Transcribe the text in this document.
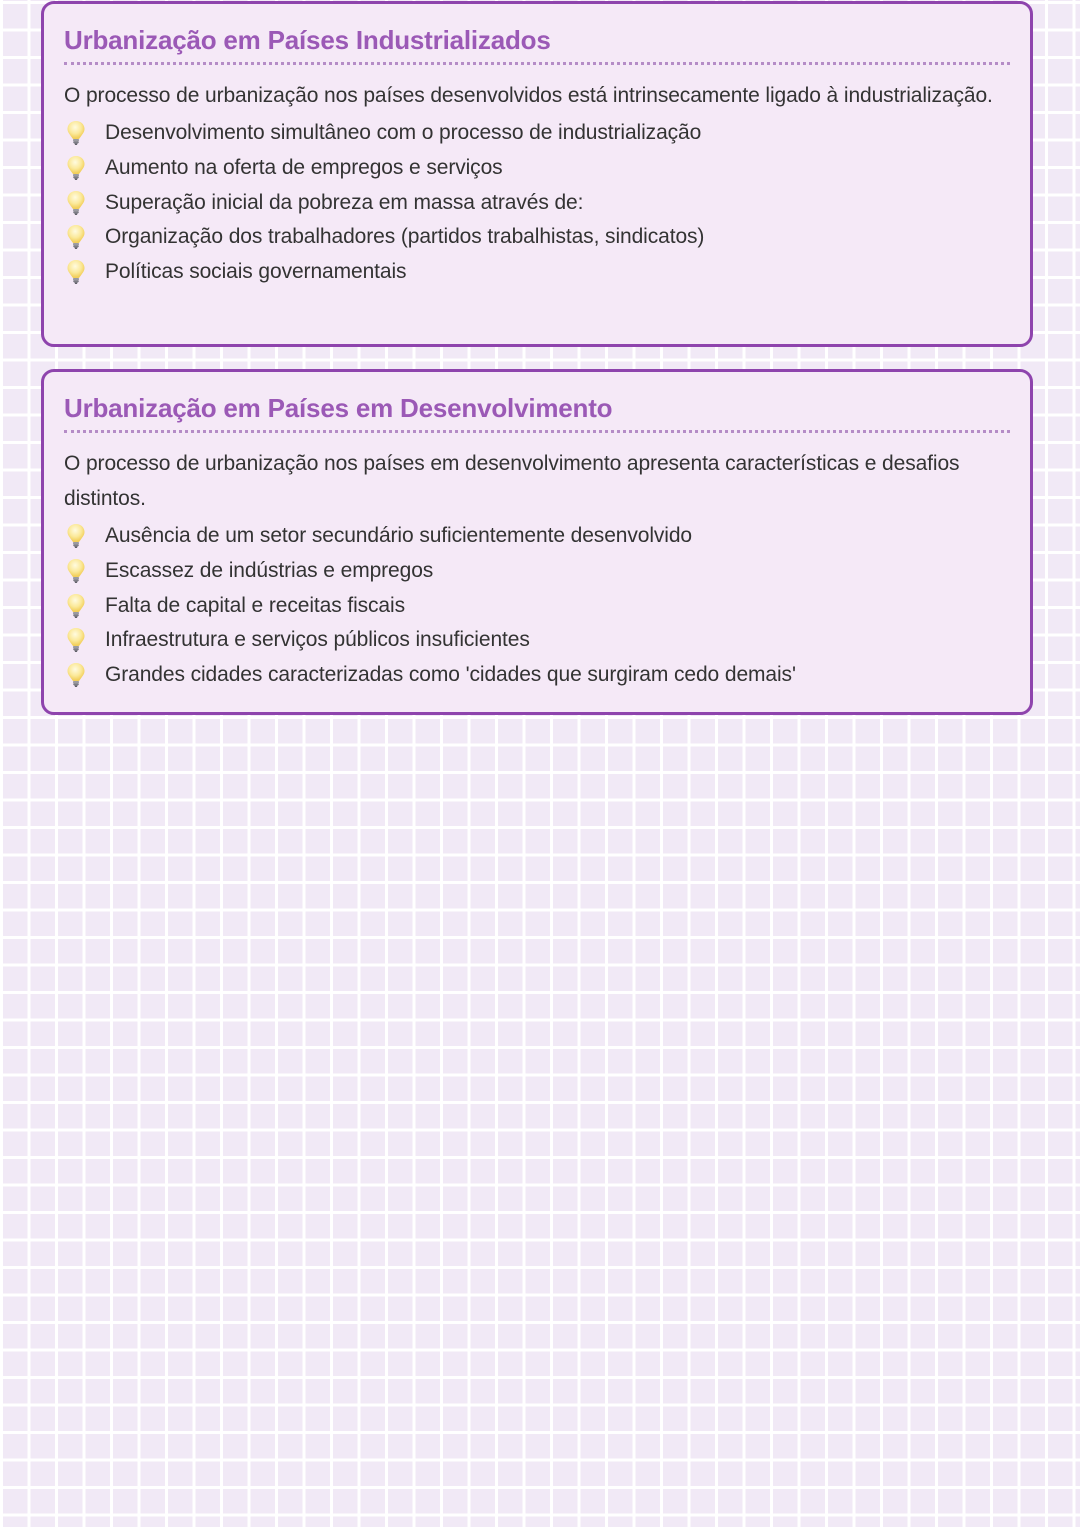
Urbanização em Países Industrializados

O processo de urbanização nos países desenvolvidos está intrinsecamente ligado à industrialização.

Desenvolvimento simultâneo com o processo de industrialização
Aumento na oferta de empregos e serviços
Superação inicial da pobreza em massa através de:
Organização dos trabalhadores (partidos trabalhistas, sindicatos)
Políticas sociais governamentais
Urbanização em Países em Desenvolvimento

O processo de urbanização nos países em desenvolvimento apresenta características e desafios distintos.

Ausência de um setor secundário suficientemente desenvolvido
Escassez de indústrias e empregos
Falta de capital e receitas fiscais
Infraestrutura e serviços públicos insuficientes
Grandes cidades caracterizadas como 'cidades que surgiram cedo demais'
